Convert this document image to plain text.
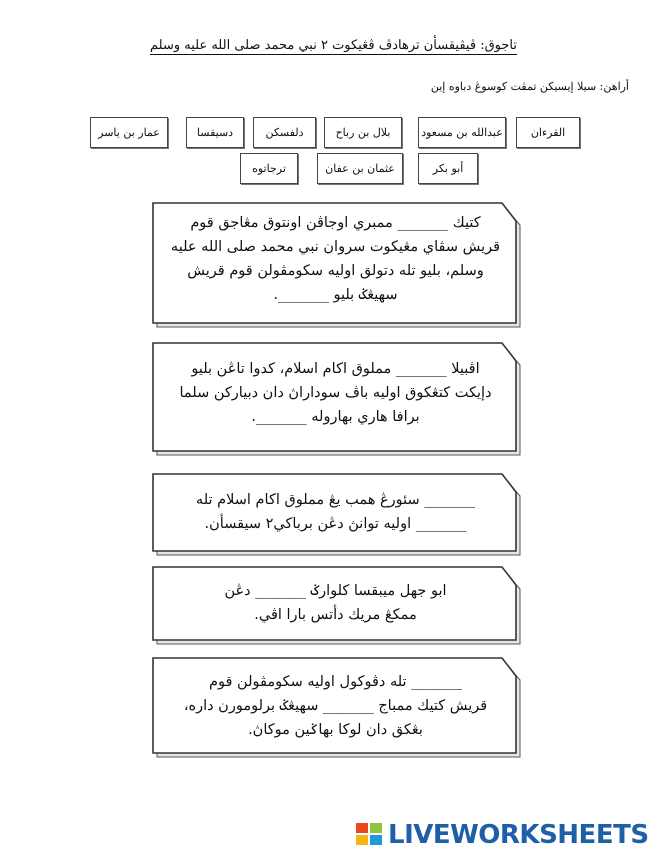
تاجوق: ڤيڤيقسأن ترهادڤ ڤڠيكوت ٢ نبي محمد صلى الله عليه وسلم
أراهن: سيلا إيسيکن تمڤت کوسوڠ دباوه إين
القرءان
عبدالله بن مسعود
بلال بن رباح
دلفسکن
دسيقسا
عمار بن ياسر
أبو بکر
عثمان بن عفان
ترجاتوه

کتيك _______ ممبري اوجاڤن اونتوق مڠاجق قوم

قريش سڤاي مڠيکوت سروان نبي محمد صلى الله عليه

وسلم، بليو تله دتولق اوليه سکومڤولن قوم قريش

سهيڠݢ بليو _______.

اڤبيلا _______ مملوق اکام اسلام، کدوا تاڠن بليو

دإيکت کتڠکوق اوليه باڤ سوداراڽ دان دبيارکن سلما

برافا هاري بهاروله _______.

_______ سئورڠ همب يڠ مملوق اکام اسلام تله

_______ اوليه توانڽ دڠن برباکي٢ سيقسأن.

ابو جهل ميبقسا کلوارݢ _______ دڠن

ممکڠ مريك دأتس بارا اڤي.

_______ تله دڤوکول اوليه سکومڤولن قوم

قريش کتيك ممباج _______ سهيڠݢ برلومورن داره،

بڠکق دان لوکا بهاݢين موکاڽ.

LIVEWORKSHEETS
